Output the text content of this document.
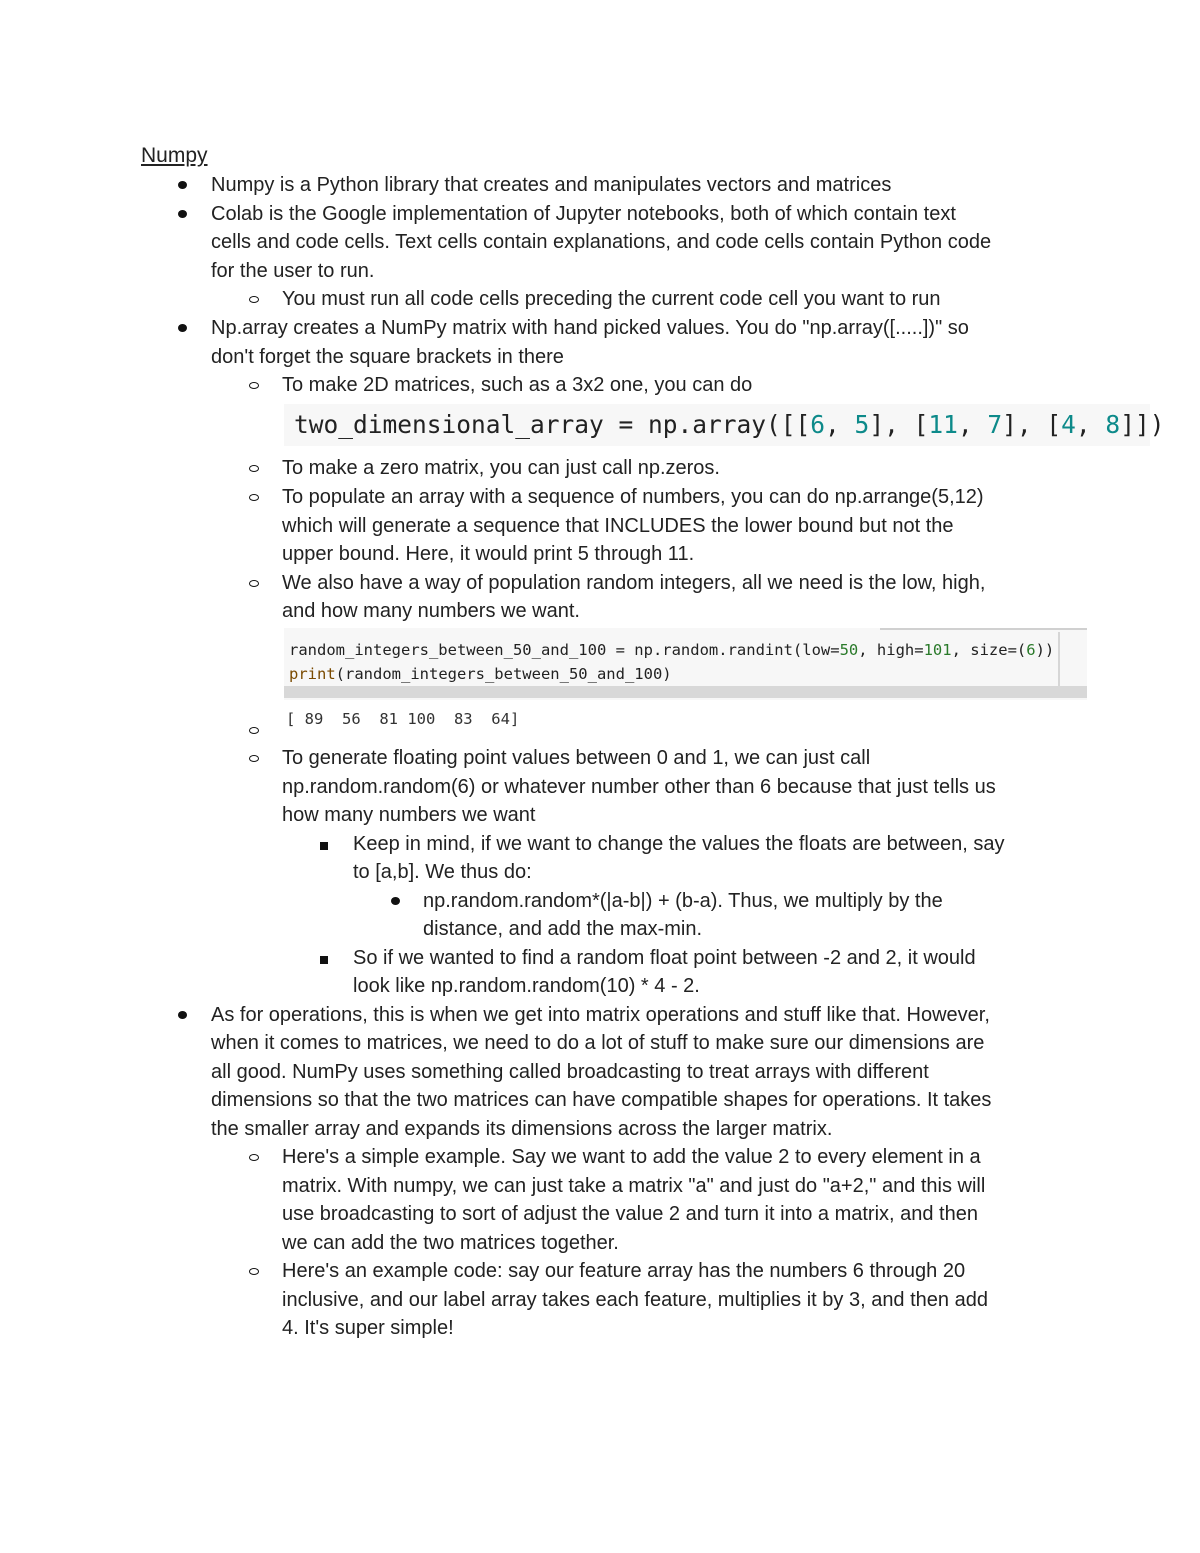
Numpy
Numpy is a Python library that creates and manipulates vectors and matrices
Colab is the Google implementation of Jupyter notebooks, both of which contain text
cells and code cells. Text cells contain explanations, and code cells contain Python code
for the user to run.
You must run all code cells preceding the current code cell you want to run
Np.array creates a NumPy matrix with hand picked values. You do "np.array([.....])" so
don't forget the square brackets in there
To make 2D matrices, such as a 3x2 one, you can do
two_dimensional_array = np.array([[6, 5], [11, 7], [4, 8]])
To make a zero matrix, you can just call np.zeros.
To populate an array with a sequence of numbers, you can do np.arrange(5,12)
which will generate a sequence that INCLUDES the lower bound but not the
upper bound. Here, it would print 5 through 11.
We also have a way of population random integers, all we need is the low, high,
and how many numbers we want.
random_integers_between_50_and_100 = np.random.randint(low=50, high=101, size=(6))
print(random_integers_between_50_and_100)
[ 89  56  81 100  83  64]
To generate floating point values between 0 and 1, we can just call
np.random.random(6) or whatever number other than 6 because that just tells us
how many numbers we want
Keep in mind, if we want to change the values the floats are between, say
to [a,b]. We thus do:
np.random.random*(|a-b|) + (b-a). Thus, we multiply by the
distance, and add the max-min.
So if we wanted to find a random float point between -2 and 2, it would
look like np.random.random(10) * 4 - 2.
As for operations, this is when we get into matrix operations and stuff like that. However,
when it comes to matrices, we need to do a lot of stuff to make sure our dimensions are
all good. NumPy uses something called broadcasting to treat arrays with different
dimensions so that the two matrices can have compatible shapes for operations. It takes
the smaller array and expands its dimensions across the larger matrix.
Here's a simple example. Say we want to add the value 2 to every element in a
matrix. With numpy, we can just take a matrix "a" and just do "a+2," and this will
use broadcasting to sort of adjust the value 2 and turn it into a matrix, and then
we can add the two matrices together.
Here's an example code: say our feature array has the numbers 6 through 20
inclusive, and our label array takes each feature, multiplies it by 3, and then add
4. It's super simple!
